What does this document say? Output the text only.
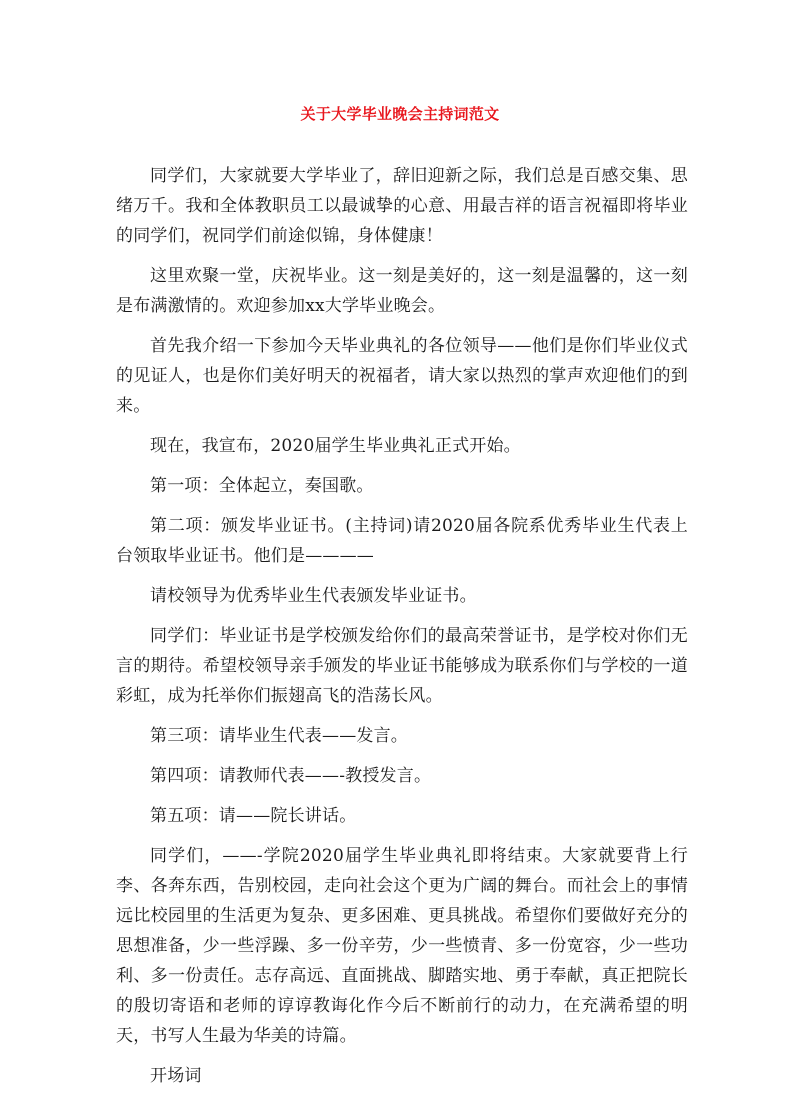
关于大学毕业晚会主持词范文

同学们，大家就要大学毕业了，辞旧迎新之际，我们总是百感交集、思绪万千。我和全体教职员工以最诚挚的心意、用最吉祥的语言祝福即将毕业的同学们，祝同学们前途似锦，身体健康！

这里欢聚一堂，庆祝毕业。这一刻是美好的，这一刻是温馨的，这一刻是布满激情的。欢迎参加xx大学毕业晚会。

首先我介绍一下参加今天毕业典礼的各位领导——他们是你们毕业仪式的见证人，也是你们美好明天的祝福者，请大家以热烈的掌声欢迎他们的到来。

现在，我宣布，2020届学生毕业典礼正式开始。

第一项：全体起立，奏国歌。

第二项：颁发毕业证书。(主持词)请2020届各院系优秀毕业生代表上台领取毕业证书。他们是————

请校领导为优秀毕业生代表颁发毕业证书。

同学们：毕业证书是学校颁发给你们的最高荣誉证书，是学校对你们无言的期待。希望校领导亲手颁发的毕业证书能够成为联系你们与学校的一道彩虹，成为托举你们振翅高飞的浩荡长风。

第三项：请毕业生代表——发言。

第四项：请教师代表——-教授发言。

第五项：请——院长讲话。

同学们，——-学院2020届学生毕业典礼即将结束。大家就要背上行李、各奔东西，告别校园，走向社会这个更为广阔的舞台。而社会上的事情远比校园里的生活更为复杂、更多困难、更具挑战。希望你们要做好充分的思想准备，少一些浮躁、多一份辛劳，少一些愤青、多一份宽容，少一些功利、多一份责任。志存高远、直面挑战、脚踏实地、勇于奉献，真正把院长的殷切寄语和老师的谆谆教诲化作今后不断前行的动力，在充满希望的明天，书写人生最为华美的诗篇。

开场词
